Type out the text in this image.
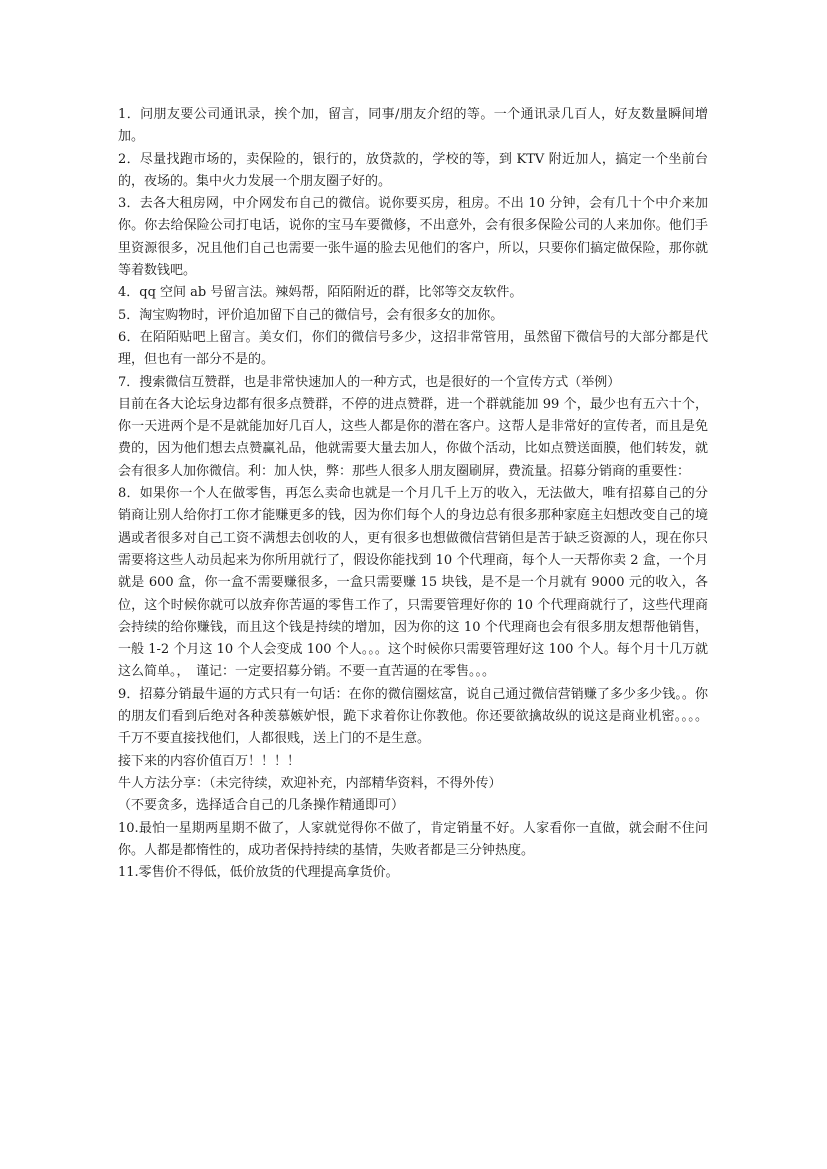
1．问朋友要公司通讯录，挨个加，留言，同事/朋友介绍的等。一个通讯录几百人，好友数量瞬间增加。

2．尽量找跑市场的，卖保险的，银行的，放贷款的，学校的等，到 KTV 附近加人，搞定一个坐前台的，夜场的。集中火力发展一个朋友圈子好的。

3．去各大租房网，中介网发布自己的微信。说你要买房，租房。不出 10 分钟，会有几十个中介来加你。你去给保险公司打电话，说你的宝马车要微修，不出意外，会有很多保险公司的人来加你。他们手里资源很多，况且他们自己也需要一张牛逼的脸去见他们的客户，所以，只要你们搞定做保险，那你就等着数钱吧。

4．qq 空间 ab 号留言法。辣妈帮，陌陌附近的群，比邻等交友软件。

5．淘宝购物时，评价追加留下自己的微信号，会有很多女的加你。

6．在陌陌贴吧上留言。美女们，你们的微信号多少，这招非常管用，虽然留下微信号的大部分都是代理，但也有一部分不是的。

7．搜索微信互赞群，也是非常快速加人的一种方式，也是很好的一个宣传方式（举例）

目前在各大论坛身边都有很多点赞群，不停的进点赞群，进一个群就能加 99 个，最少也有五六十个，你一天进两个是不是就能加好几百人，这些人都是你的潜在客户。这帮人是非常好的宣传者，而且是免费的，因为他们想去点赞赢礼品，他就需要大量去加人，你做个活动，比如点赞送面膜，他们转发，就会有很多人加你微信。利：加人快，弊：那些人很多人朋友圈刷屏，费流量。招募分销商的重要性：

8．如果你一个人在做零售，再怎么卖命也就是一个月几千上万的收入，无法做大，唯有招募自己的分销商让别人给你打工你才能赚更多的钱，因为你们每个人的身边总有很多那种家庭主妇想改变自己的境遇或者很多对自己工资不满想去创收的人，更有很多也想做微信营销但是苦于缺乏资源的人，现在你只需要将这些人动员起来为你所用就行了，假设你能找到 10 个代理商，每个人一天帮你卖 2 盒，一个月就是 600 盒，你一盒不需要赚很多，一盒只需要赚 15 块钱，是不是一个月就有 9000 元的收入，各位，这个时候你就可以放弃你苦逼的零售工作了，只需要管理好你的 10 个代理商就行了，这些代理商会持续的给你赚钱，而且这个钱是持续的增加，因为你的这 10 个代理商也会有很多朋友想帮他销售，一般 1-2 个月这 10 个人会变成 100 个人。。。这个时候你只需要管理好这 100 个人。每个月十几万就这么简单。，　谨记：一定要招募分销。不要一直苦逼的在零售。。。

9．招募分销最牛逼的方式只有一句话：在你的微信圈炫富，说自己通过微信营销赚了多少多少钱。。你的朋友们看到后绝对各种羡慕嫉妒恨，跪下求着你让你教他。你还要欲擒故纵的说这是商业机密。。。。千万不要直接找他们，人都很贱，送上门的不是生意。

接下来的内容价值百万！！！！

牛人方法分享：（未完待续，欢迎补充，内部精华资料，不得外传）

（不要贪多，选择适合自己的几条操作精通即可）

10.最怕一星期两星期不做了，人家就觉得你不做了，肯定销量不好。人家看你一直做，就会耐不住问你。人都是都惰性的，成功者保持持续的基情，失败者都是三分钟热度。

11.零售价不得低，低价放货的代理提高拿货价。
